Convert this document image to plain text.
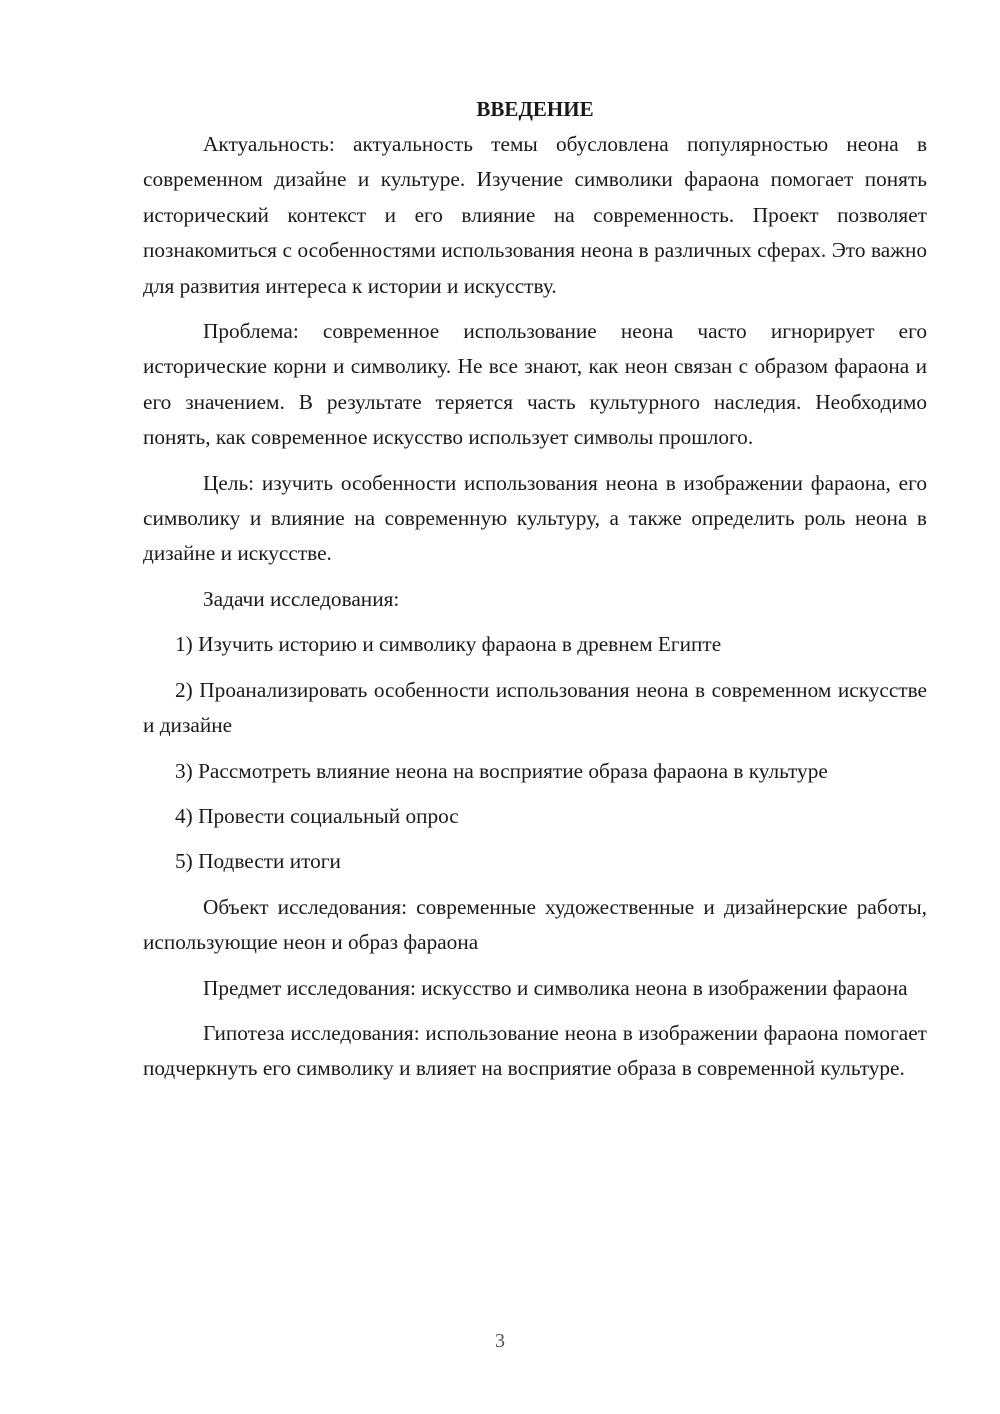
ВВЕДЕНИЕ

Актуальность: актуальность темы обусловлена популярностью неона в современном дизайне и культуре. Изучение символики фараона помогает понять исторический контекст и его влияние на современность. Проект позволяет познакомиться с особенностями использования неона в различных сферах. Это важно для развития интереса к истории и искусству.

Проблема: современное использование неона часто игнорирует его исторические корни и символику. Не все знают, как неон связан с образом фараона и его значением. В результате теряется часть культурного наследия. Необходимо понять, как современное искусство использует символы прошлого.

Цель: изучить особенности использования неона в изображении фараона, его символику и влияние на современную культуру, а также определить роль неона в дизайне и искусстве.

Задачи исследования:

1) Изучить историю и символику фараона в древнем Египте

2) Проанализировать особенности использования неона в современном искусстве и дизайне

3) Рассмотреть влияние неона на восприятие образа фараона в культуре

4) Провести социальный опрос

5) Подвести итоги

Объект исследования: современные художественные и дизайнерские работы, использующие неон и образ фараона

Предмет исследования: искусство и символика неона в изображении фараона

Гипотеза исследования: использование неона в изображении фараона помогает подчеркнуть его символику и влияет на восприятие образа в современной культуре.

3
